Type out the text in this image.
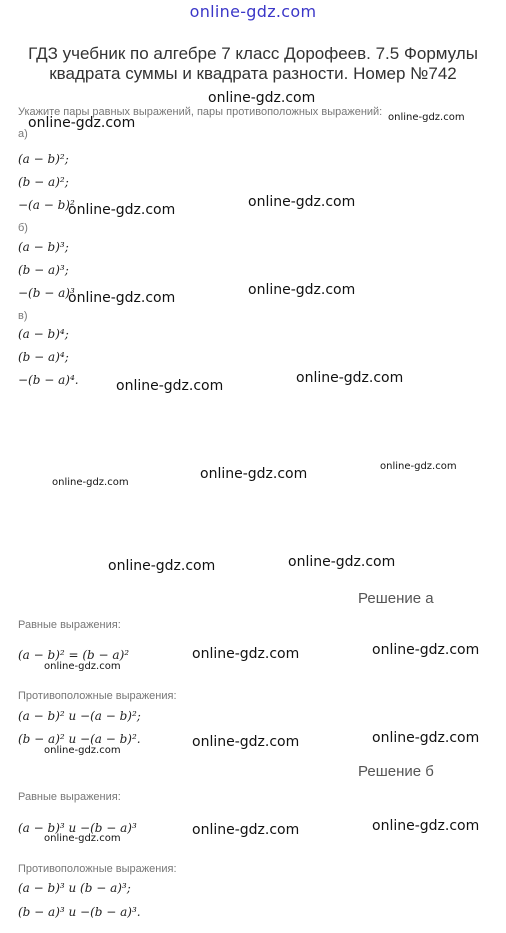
online-gdz.com
ГДЗ учебник по алгебре 7 класс Дорофеев. 7.5 Формулы
квадрата суммы и квадрата разности. Номер №742
Укажите пары равных выражений, пары противоположных выражений:
а)
(a − b)²;
(b − a)²;
−(a − b)²
б)
(a − b)³;
(b − a)³;
−(b − a)³
в)
(a − b)⁴;
(b − a)⁴;
−(b − a)⁴.
Решение а
Равные выражения:
(a − b)² = (b − a)²
Противоположные выражения:
(a − b)² и −(a − b)²;
(b − a)² и −(a − b)².
Решение б
Равные выражения:
(a − b)³ и −(b − a)³
Противоположные выражения:
(a − b)³ и (b − a)³;
(b − a)³ и −(b − a)³.
online-gdz.com
online-gdz.com	online-gdz.com
online-gdz.com	online-gdz.com
online-gdz.com	online-gdz.com
online-gdz.com	online-gdz.com
online-gdz.com
online-gdz.com	online-gdz.com
online-gdz.com	online-gdz.com
online-gdz.com
online-gdz.com	online-gdz.com
online-gdz.com
online-gdz.com	online-gdz.com
online-gdz.com
online-gdz.com	online-gdz.com
